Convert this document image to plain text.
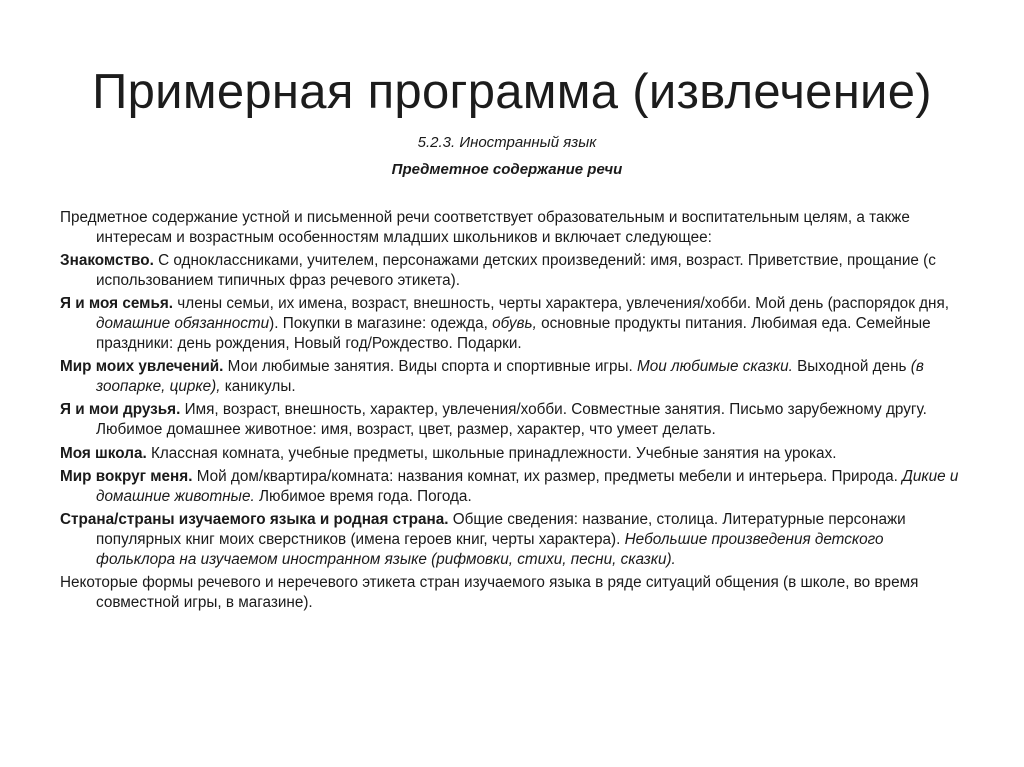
Примерная программа (извлечение)
5.2.3. Иностранный язык
Предметное содержание речи

Предметное содержание устной и письменной речи соответствует образовательным и воспитательным целям, а также интересам и возрастным особенностям младших школьников и включает следующее:

Знакомство. С одноклассниками, учителем, персонажами детских произведений: имя, возраст. Приветствие, прощание (с использованием типичных фраз речевого этикета).

Я и моя семья. члены семьи, их имена, возраст, внешность, черты характера, увлечения/хобби. Мой день (распорядок дня, домашние обязанности). Покупки в магазине: одежда, обувь, основные продукты питания. Любимая еда. Семейные праздники: день рождения, Новый год/Рождество. Подарки.

Мир моих увлечений. Мои любимые занятия. Виды спорта и спортивные игры. Мои любимые сказки. Выходной день (в зоопарке, цирке), каникулы.

Я и мои друзья. Имя, возраст, внешность, характер, увлечения/хобби. Совместные занятия. Письмо зарубежному другу. Любимое домашнее животное: имя, возраст, цвет, размер, характер, что умеет делать.

Моя школа. Классная комната, учебные предметы, школьные принадлежности. Учебные занятия на уроках.

Мир вокруг меня. Мой дом/квартира/комната: названия комнат, их размер, предметы мебели и интерьера. Природа. Дикие и домашние животные. Любимое время года. Погода.

Страна/страны изучаемого языка и родная страна. Общие сведения: название, столица. Литературные персонажи популярных книг моих сверстников (имена героев книг, черты характера). Небольшие произведения детского фольклора на изучаемом иностранном языке (рифмовки, стихи, песни, сказки).

Некоторые формы речевого и неречевого этикета стран изучаемого языка в ряде ситуаций общения (в школе, во время совместной игры, в магазине).
